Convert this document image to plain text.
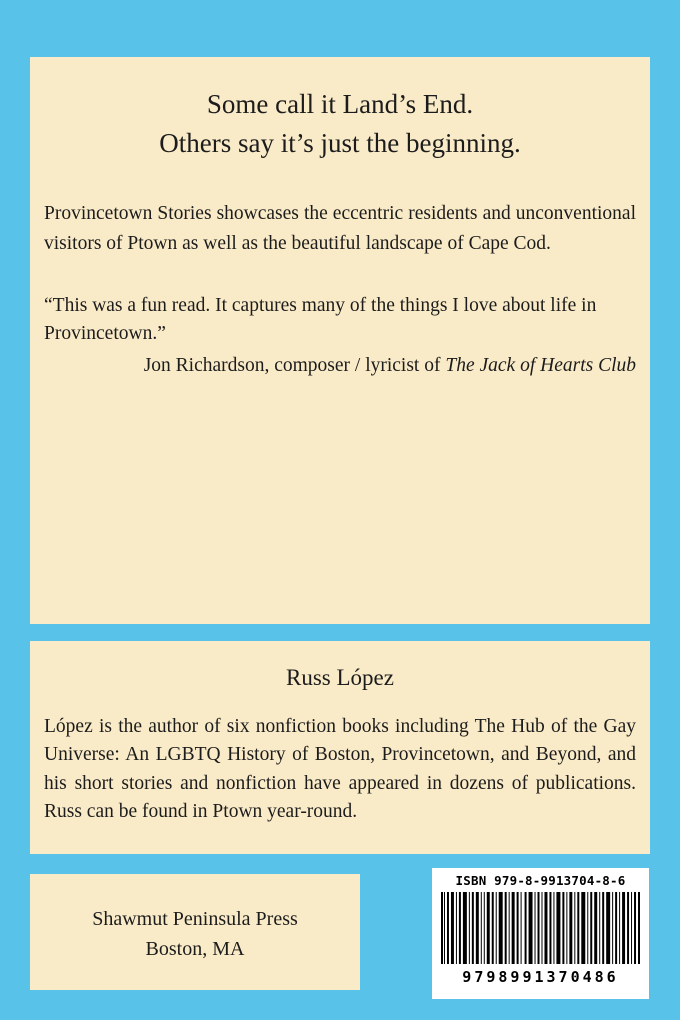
Some call it Land’s End.
Others say it’s just the beginning.

Provincetown Stories showcases the eccentric residents and unconventional visitors of Ptown as well as the beautiful landscape of Cape Cod.

“This was a fun read. It captures many of the things I love about life in Provincetown.”

Jon Richardson, composer / lyricist of The Jack of Hearts Club

Russ López

López is the author of six nonfiction books including The Hub of the Gay Universe: An LGBTQ History of Boston, Provincetown, and Beyond, and his short stories and nonfiction have appeared in dozens of publications. Russ can be found in Ptown year-round.

Shawmut Peninsula Press

Boston, MA

ISBN 979-8-9913704-8-6
9798991370486
